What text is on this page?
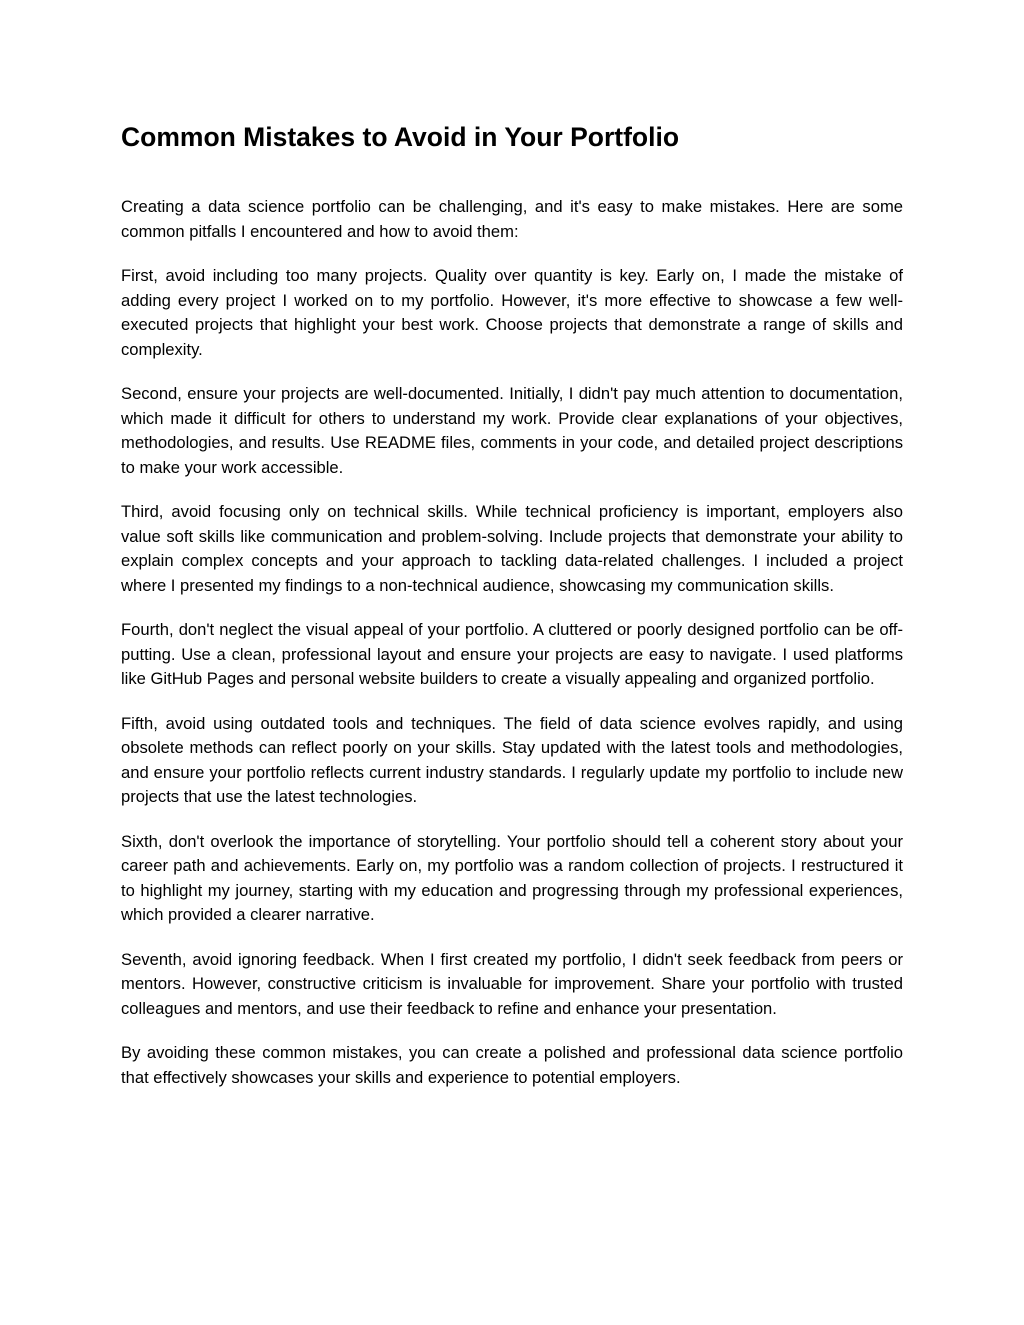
Common Mistakes to Avoid in Your Portfolio

Creating a data science portfolio can be challenging, and it's easy to make mistakes. Here are some common pitfalls I encountered and how to avoid them:

First, avoid including too many projects. Quality over quantity is key. Early on, I made the mistake of adding every project I worked on to my portfolio. However, it's more effective to showcase a few well-executed projects that highlight your best work. Choose projects that demonstrate a range of skills and complexity.

Second, ensure your projects are well-documented. Initially, I didn't pay much attention to documentation, which made it difficult for others to understand my work. Provide clear explanations of your objectives, methodologies, and results. Use README files, comments in your code, and detailed project descriptions to make your work accessible.

Third, avoid focusing only on technical skills. While technical proficiency is important, employers also value soft skills like communication and problem-solving. Include projects that demonstrate your ability to explain complex concepts and your approach to tackling data-related challenges. I included a project where I presented my findings to a non-technical audience, showcasing my communication skills.

Fourth, don't neglect the visual appeal of your portfolio. A cluttered or poorly designed portfolio can be off-putting. Use a clean, professional layout and ensure your projects are easy to navigate. I used platforms like GitHub Pages and personal website builders to create a visually appealing and organized portfolio.

Fifth, avoid using outdated tools and techniques. The field of data science evolves rapidly, and using obsolete methods can reflect poorly on your skills. Stay updated with the latest tools and methodologies, and ensure your portfolio reflects current industry standards. I regularly update my portfolio to include new projects that use the latest technologies.

Sixth, don't overlook the importance of storytelling. Your portfolio should tell a coherent story about your career path and achievements. Early on, my portfolio was a random collection of projects. I restructured it to highlight my journey, starting with my education and progressing through my professional experiences, which provided a clearer narrative.

Seventh, avoid ignoring feedback. When I first created my portfolio, I didn't seek feedback from peers or mentors. However, constructive criticism is invaluable for improvement. Share your portfolio with trusted colleagues and mentors, and use their feedback to refine and enhance your presentation.

By avoiding these common mistakes, you can create a polished and professional data science portfolio that effectively showcases your skills and experience to potential employers.
